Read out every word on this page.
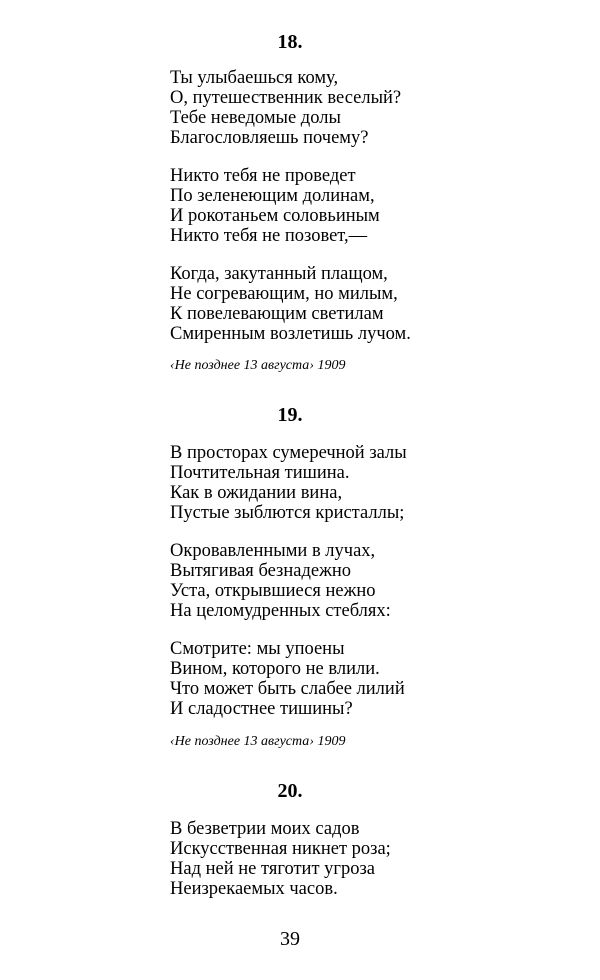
18.
Ты улыбаешься кому,
О, путешественник веселый?
Тебе неведомые долы
Благословляешь почему?
Никто тебя не проведет
По зеленеющим долинам,
И рокотаньем соловьиным
Никто тебя не позовет,—
Когда, закутанный плащом,
Не согревающим, но милым,
К повелевающим светилам
Смиренным возлетишь лучом.
‹Не позднее 13 августа› 1909
19.
В просторах сумеречной залы
Почтительная тишина.
Как в ожидании вина,
Пустые зыблются кристаллы;
Окровавленными в лучах,
Вытягивая безнадежно
Уста, открывшиеся нежно
На целомудренных стеблях:
Смотрите: мы упоены
Вином, которого не влили.
Что может быть слабее лилий
И сладостнее тишины?
‹Не позднее 13 августа› 1909
20.
В безветрии моих садов
Искусственная никнет роза;
Над ней не тяготит угроза
Неизрекаемых часов.
39
